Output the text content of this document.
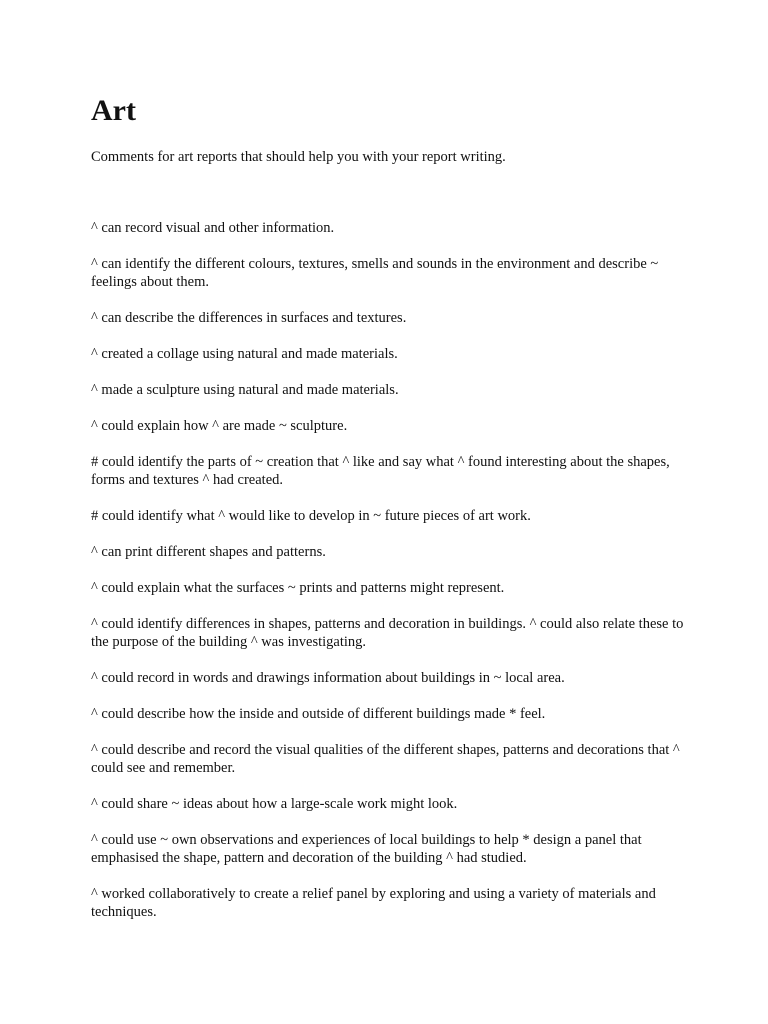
Art

Comments for art reports that should help you with your report writing.

^ can record visual and other information.

^ can identify the different colours, textures, smells and sounds in the environment and describe ~ feelings about them.

^ can describe the differences in surfaces and textures.

^ created a collage using natural and made materials.

^ made a sculpture using natural and made materials.

^ could explain how ^ are made ~ sculpture.

# could identify the parts of ~ creation that ^ like and say what ^ found interesting about the shapes, forms and textures ^ had created.

# could identify what ^ would like to develop in ~ future pieces of art work.

^ can print different shapes and patterns.

^ could explain what the surfaces ~ prints and patterns might represent.

^ could identify differences in shapes, patterns and decoration in buildings. ^ could also relate these to the purpose of the building ^ was investigating.

^ could record in words and drawings information about buildings in ~ local area.

^ could describe how the inside and outside of different buildings made * feel.

^ could describe and record the visual qualities of the different shapes, patterns and decorations that ^ could see and remember.

^ could share ~ ideas about how a large-scale work might look.

^ could use ~ own observations and experiences of local buildings to help * design a panel that emphasised the shape, pattern and decoration of the building ^ had studied.

^ worked collaboratively to create a relief panel by exploring and using a variety of materials and techniques.
